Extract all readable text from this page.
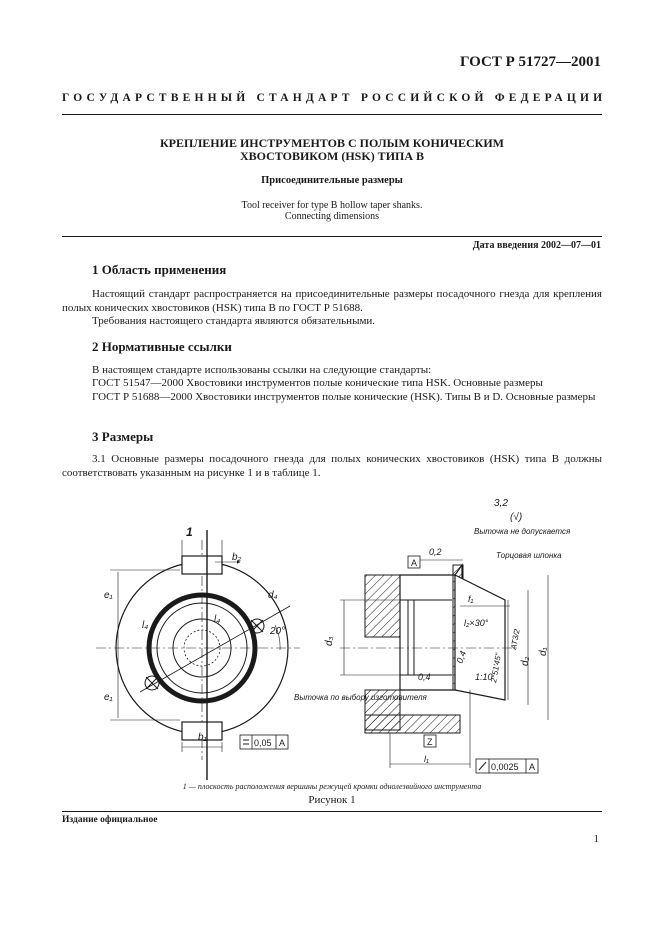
ГОСТ Р 51727—2001
ГОСУДАРСТВЕННЫЙ СТАНДАРТ РОССИЙСКОЙ ФЕДЕРАЦИИ
КРЕПЛЕНИЕ ИНСТРУМЕНТОВ С ПОЛЫМ КОНИЧЕСКИМ
ХВОСТОВИКОМ (HSK) ТИПА В
Присоединительные размеры
Tool receiver for type B hollow taper shanks.
Connecting dimensions
Дата введения 2002—07—01
1 Область применения
Настоящий стандарт распространяется на присоединительные размеры посадочного гнезда для крепления полых конических хвостовиков (HSK) типа В по ГОСТ Р 51688.
Требования настоящего стандарта являются обязательными.
2 Нормативные ссылки
В настоящем стандарте использованы ссылки на следующие стандарты:
ГОСТ 51547—2000 Хвостовики инструментов полые конические типа HSK. Основные размеры
ГОСТ Р 51688—2000 Хвостовики инструментов полые конические (HSK). Типы В и D. Основные размеры
3 Размеры
3.1 Основные размеры посадочного гнезда для полых конических хвостовиков (HSK) типа В должны соответствовать указанным на рисунке 1 и в таблице 1.
1
b₂
d₄
e₁
e₁
l₄
l₄
20°
b₁	0,05 A
A
Z
0,2
3,2
(√)
Выточка не допускается
Торцовая шпонка
f₁
l₂×30°
2°51'45"
AT3/2
1:10
0,4
0,4
d₃
d₁
d₂
Выточка по выбору изготовителя
l₁
0,0025 A
1 — плоскость расположения вершины режущей кромки однолезвийного инструмента
Рисунок 1
Издание официальное
1
